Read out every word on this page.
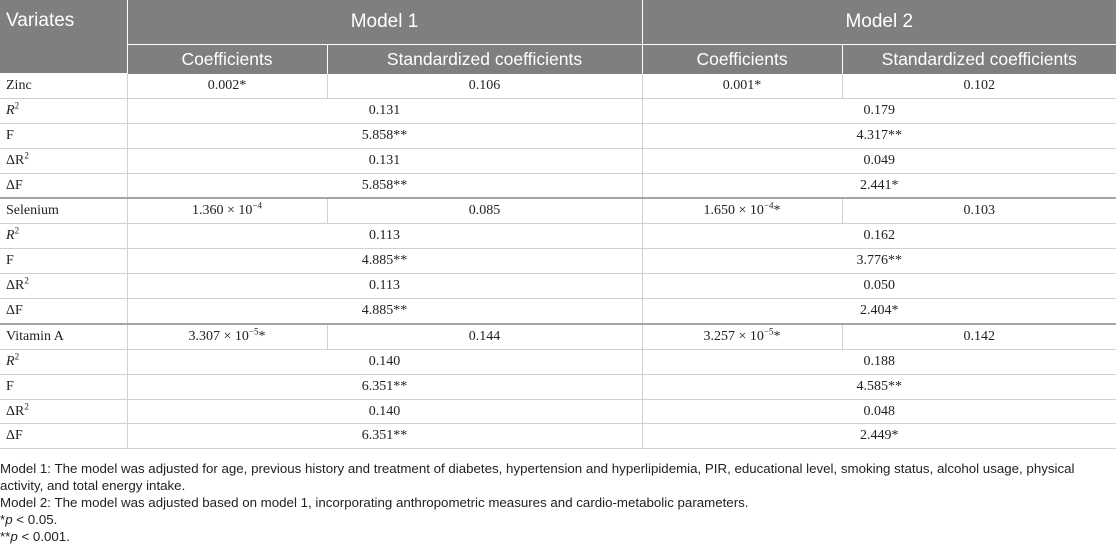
Variates	Model 1		Model 2	
	Coefficients	Standardized coefficients	Coefficients	Standardized coefficients
Zinc	0.002*	0.106	0.001*	0.102
$R^2$	0.131		0.179	
F	5.858**		4.317**	
$\Delta R^2$	0.131		0.049	
ΔF	5.858**		2.441*	
Selenium	$1.360 \times 10^{-4}$	0.085	$1.650 \times 10^{-4}*$	0.103
$R^2$	0.113		0.162	
F	4.885**		3.776**	
$\Delta R^2$	0.113		0.050	
ΔF	4.885**		2.404*	
Vitamin A	$3.307 \times 10^{-5}*$	0.144	$3.257 \times 10^{-5}*$	0.142
$R^2$	0.140		0.188	
F	6.351**		4.585**	
$\Delta R^2$	0.140		0.048	
ΔF	6.351**		2.449*	

Model 1: The model was adjusted for age, previous history and treatment of diabetes, hypertension and hyperlipidemia, PIR, educational level, smoking status, alcohol usage, physical activity, and total energy intake.

Model 2: The model was adjusted based on model 1, incorporating anthropometric measures and cardio-metabolic parameters.

*p < 0.05.

**p < 0.001.
